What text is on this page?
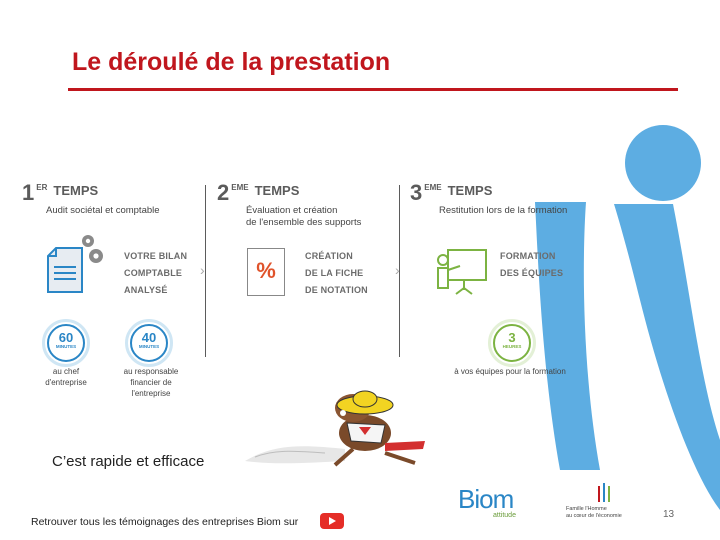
Le déroulé de la prestation
1 $^{ER}$ $^{TEMPS}$
Audit sociétal et comptable
2 $^{EME}$ $^{TEMPS}$
Évaluation et création
de l'ensemble des supports
3 $^{EME}$ $^{TEMPS}$
Restitution lors de la formation
VOTRE BILAN
COMPTABLE
ANALYSÉ
›	%
CRÉATION
DE LA FICHE
DE NOTATION
›
FORMATION
DES ÉQUIPES
60
MINUTES
au chef
d'entreprise
40
MINUTES
au responsable
financier de l'entreprise
3
HEURES
à vos équipes pour la formation
C’est rapide et efficace
Retrouver tous les témoignages des entreprises Biom sur
Biom
attitude
Famille l'Homme
au cœur de l'économie	13
